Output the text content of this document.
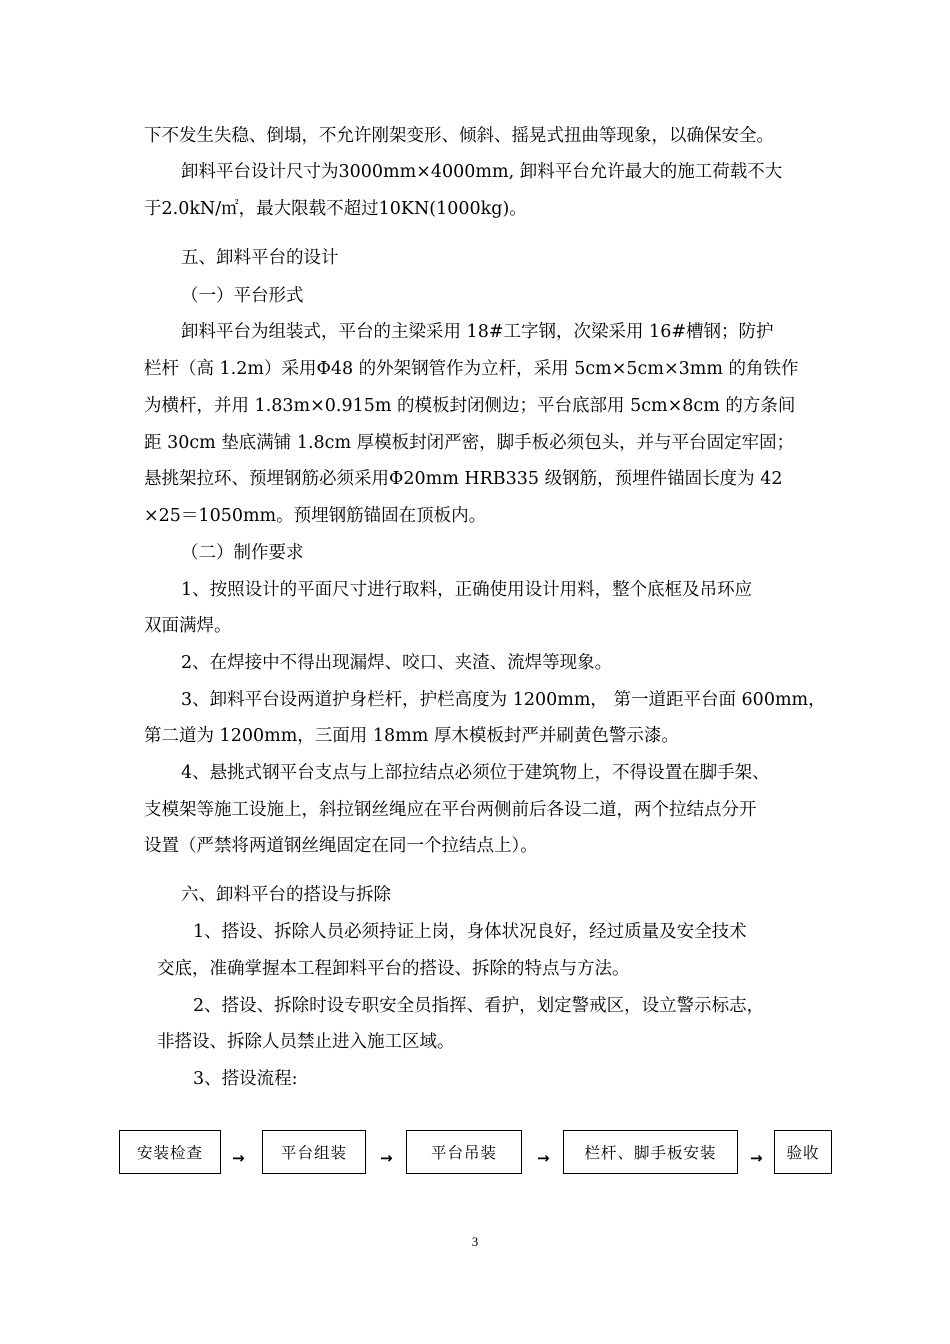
下不发生失稳、倒塌，不允许刚架变形、倾斜、摇晃式扭曲等现象，以确保安全。
卸料平台设计尺寸为3000mm×4000mm, 卸料平台允许最大的施工荷载不大
于2.0kN/㎡，最大限载不超过10KN(1000kg)。
五、卸料平台的设计
（一）平台形式
卸料平台为组装式，平台的主梁采用 18#工字钢，次梁采用 16#槽钢；防护
栏杆（高 1.2m）采用Φ48 的外架钢管作为立杆，采用 5cm×5cm×3mm 的角铁作
为横杆，并用 1.83m×0.915m 的模板封闭侧边；平台底部用 5cm×8cm 的方条间
距 30cm 垫底满铺 1.8cm 厚模板封闭严密，脚手板必须包头，并与平台固定牢固；
悬挑架拉环、预埋钢筋必须采用Φ20mm HRB335 级钢筋，预埋件锚固长度为 42
×25＝1050mm。预埋钢筋锚固在顶板内。
（二）制作要求
1、按照设计的平面尺寸进行取料，正确使用设计用料，整个底框及吊环应
双面满焊。
2、在焊接中不得出现漏焊、咬口、夹渣、流焊等现象。
3、卸料平台设两道护身栏杆，护栏高度为 1200mm， 第一道距平台面 600mm，
第二道为 1200mm，三面用 18mm 厚木模板封严并刷黄色警示漆。
4、悬挑式钢平台支点与上部拉结点必须位于建筑物上，不得设置在脚手架、
支模架等施工设施上，斜拉钢丝绳应在平台两侧前后各设二道，两个拉结点分开
设置（严禁将两道钢丝绳固定在同一个拉结点上）。
六、卸料平台的搭设与拆除
1、搭设、拆除人员必须持证上岗，身体状况良好，经过质量及安全技术
交底，准确掌握本工程卸料平台的搭设、拆除的特点与方法。
2、搭设、拆除时设专职安全员指挥、看护，划定警戒区，设立警示标志，
非搭设、拆除人员禁止进入施工区域。
3、搭设流程:
安装检查	→	平台组装	→	平台吊装	→	栏杆、脚手板安装	→	验收
3
